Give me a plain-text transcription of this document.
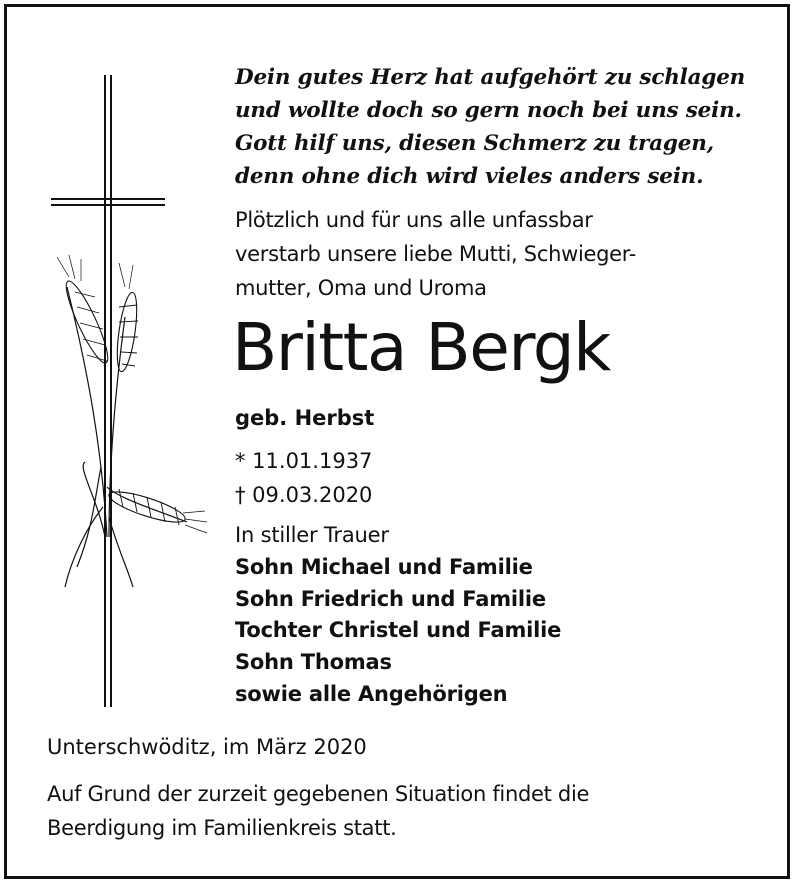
Dein gutes Herz hat aufgehört zu schlagen
und wollte doch so gern noch bei uns sein.
Gott hilf uns, diesen Schmerz zu tragen,
denn ohne dich wird vieles anders sein.
Plötzlich und für uns alle unfassbar
verstarb unsere liebe Mutti, Schwieger-
mutter, Oma und Uroma
Britta Bergk
geb. Herbst
* 11.01.1937
† 09.03.2020
In stiller Trauer
Sohn Michael und Familie
Sohn Friedrich und Familie
Tochter Christel und Familie
Sohn Thomas
sowie alle Angehörigen
Unterschwöditz, im März 2020
Auf Grund der zurzeit gegebenen Situation findet die
Beerdigung im Familienkreis statt.
